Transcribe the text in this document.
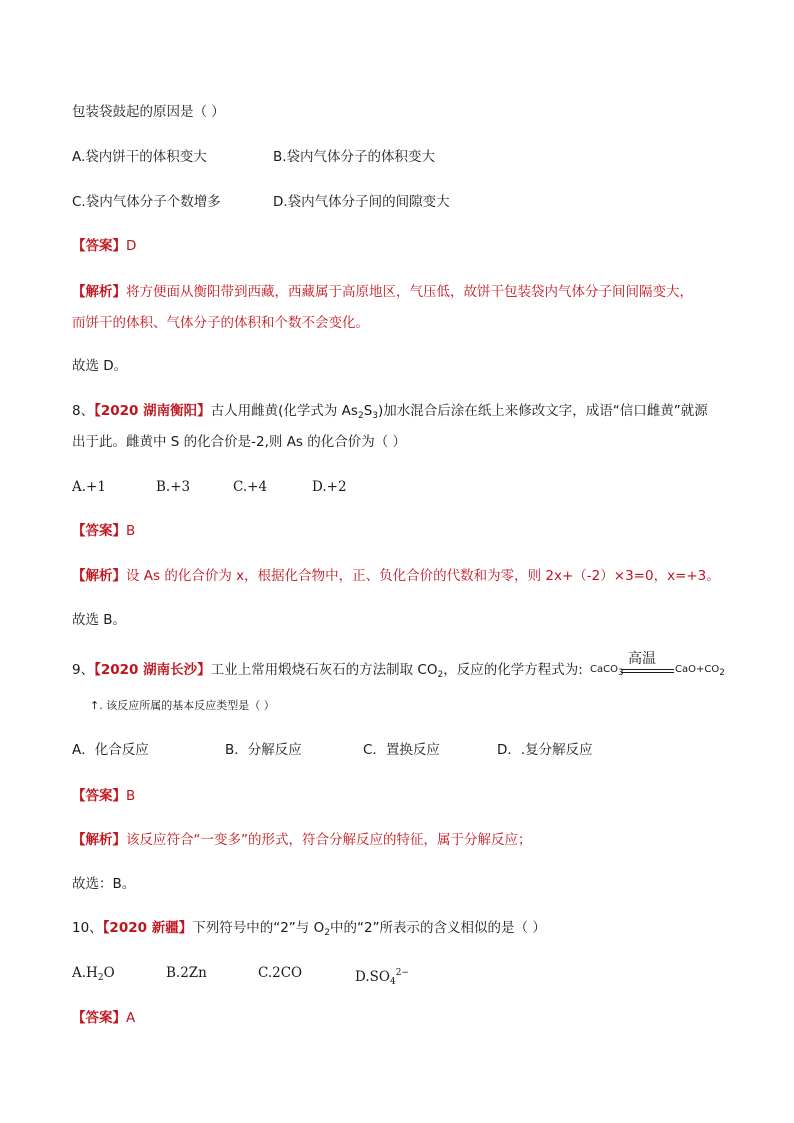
包装袋鼓起的原因是（ ）
A.袋内饼干的体积变大	B.袋内气体分子的体积变大
C.袋内气体分子个数增多	D.袋内气体分子间的间隙变大
【答案】D
【解析】将方便面从衡阳带到西藏，西藏属于高原地区，气压低，故饼干包装袋内气体分子间间隔变大，
而饼干的体积、气体分子的体积和个数不会变化。
故选 D。
8、【2020 湖南衡阳】古人用雌黄(化学式为 $As_2S_3$)加水混合后涂在纸上来修改文字，成语“信口雌黄”就源
出于此。雌黄中 S 的化合价是-2,则 As 的化合价为（ ）
A.+1	B.+3	C.+4	D.+2
【答案】B
【解析】设 As 的化合价为 x，根据化合物中，正、负化合价的代数和为零，则 2x+（-2）×3=0，x=+3。
故选 B。
9、【2020 湖南长沙】工业上常用煅烧石灰石的方法制取 $CO_2$，反应的化学方程式为: CaCO3
高温
CaO+CO2
↑. 该反应所属的基本反应类型是（ ）
A．化合反应	B．分解反应	C．置换反应	D．.复分解反应
【答案】B
【解析】该反应符合“一变多”的形式，符合分解反应的特征，属于分解反应；
故选：B。
10、【2020 新疆】下列符号中的“2”与 $O_2$中的“2”所表示的含义相似的是（ ）
$A.H_2O$	B.2Zn	C.2CO	$D.SO_4^{2-}$
【答案】A
